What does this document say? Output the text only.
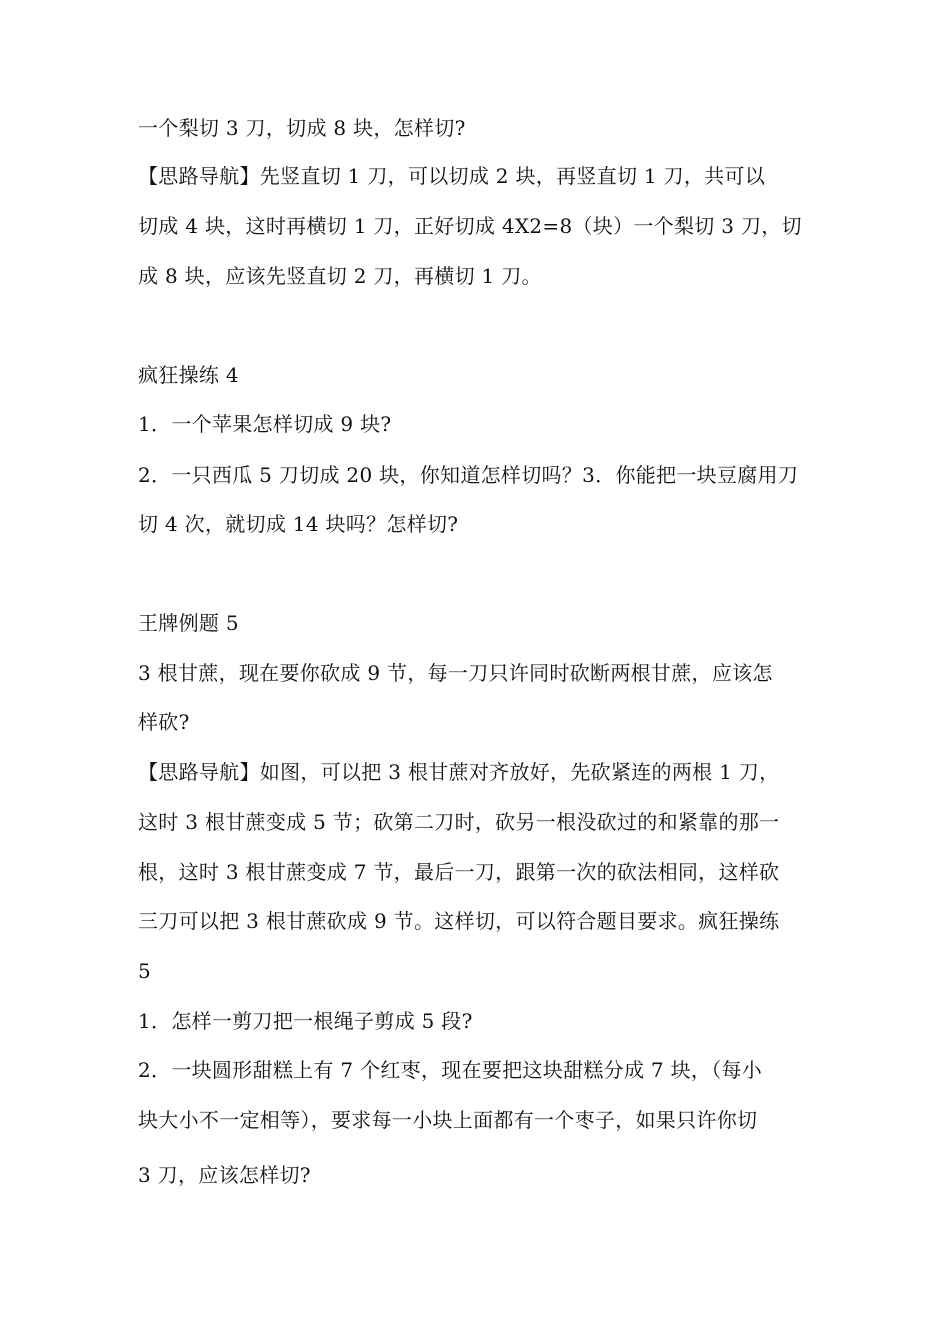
一个梨切 3 刀，切成 8 块，怎样切?
【思路导航】先竖直切 1 刀，可以切成 2 块，再竖直切 1 刀，共可以
切成 4 块，这时再横切 1 刀，正好切成 4X2=8（块）一个梨切 3 刀，切
成 8 块，应该先竖直切 2 刀，再横切 1 刀。
疯狂操练 4
1．一个苹果怎样切成 9 块?
2．一只西瓜 5 刀切成 20 块，你知道怎样切吗？3．你能把一块豆腐用刀
切 4 次，就切成 14 块吗？怎样切?
王牌例题 5
3 根甘蔗，现在要你砍成 9 节，每一刀只许同时砍断两根甘蔗，应该怎
样砍?
【思路导航】如图，可以把 3 根甘蔗对齐放好，先砍紧连的两根 1 刀，
这时 3 根甘蔗变成 5 节；砍第二刀时，砍另一根没砍过的和紧靠的那一
根，这时 3 根甘蔗变成 7 节，最后一刀，跟第一次的砍法相同，这样砍
三刀可以把 3 根甘蔗砍成 9 节。这样切，可以符合题目要求。疯狂操练
5
1．怎样一剪刀把一根绳子剪成 5 段?
2．一块圆形甜糕上有 7 个红枣，现在要把这块甜糕分成 7 块，（每小
块大小不一定相等），要求每一小块上面都有一个枣子，如果只许你切
3 刀，应该怎样切?
